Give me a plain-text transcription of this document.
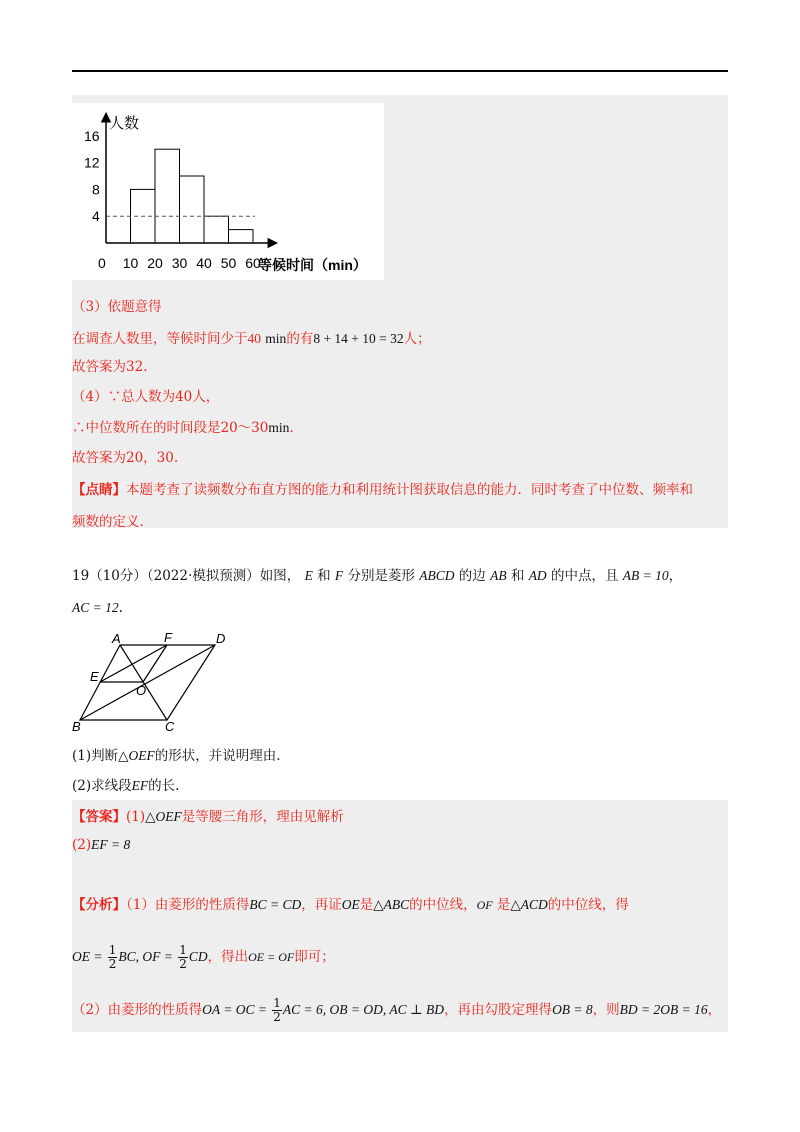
人数
4
8
12
16
0 10 20 30 40 50 60
等候时间（min）
（3）依题意得
在调查人数里，等候时间少于40 min的有8 + 14 + 10 = 32人；
故答案为32.
（4）∵总人数为40人，
∴中位数所在的时间段是20～30min.
故答案为20，30.
【点睛】本题考查了读频数分布直方图的能力和利用统计图获取信息的能力．同时考查了中位数、频率和
频数的定义.
19（10分）（2022·模拟预测）如图， E 和 F 分别是菱形 ABCD 的边 AB 和 AD 的中点，且 AB = 10，
AC = 12.
A	F	D
E
O
B	C
(1)判断△OEF的形状，并说明理由.
(2)求线段EF的长.
【答案】(1)△OEF是等腰三角形，理由见解析
(2)EF = 8
【分析】（1）由菱形的性质得BC = CD，再证OE是△ABC的中位线，OF 是△ACD的中位线，得
OE = $\frac{1}{2}$ BC, OF = $\frac{1}{2}$ CD，得出OE = OF即可；
（2）由菱形的性质得OA = OC = $\frac{1}{2}$ AC = 6, OB = OD, AC ⊥ BD，再由勾股定理得OB = 8，则BD = 2OB = 16，
